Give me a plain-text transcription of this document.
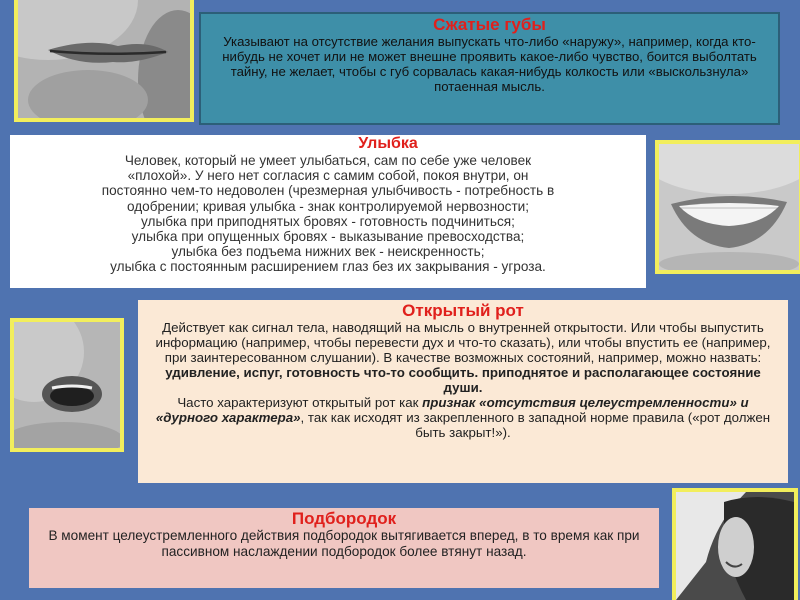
Сжатые губы

Указывают на отсутствие желания выпускать что-либо «наружу», например, когда кто-нибудь не хочет или не может внешне проявить какое-либо чувство, боится выболтать тайну, не желает, чтобы с губ сорвалась какая-нибудь колкость или «выскользнула» потаенная мысль.

Улыбка

Человек, который не умеет улыбаться, сам по себе уже человек

«плохой». У него нет согласия с самим собой, покоя внутри, он

постоянно чем-то недоволен (чрезмерная улыбчивость - потребность в

одобрении; кривая улыбка - знак контролируемой нервозности;

улыбка при приподнятых бровях - готовность подчиниться;

улыбка при опущенных бровях - выказывание превосходства;

улыбка без подъема нижних век - неискренность;

улыбка с постоянным расширением глаз без их закрывания - угроза.

Открытый рот

Действует как сигнал тела, наводящий на мысль о внутренней открытости. Или чтобы выпустить информацию (например, чтобы перевести дух и что-то сказать), или чтобы впустить ее (например, при заинтересованном слушании). В качестве возможных состояний, например, можно назвать:

удивление, испуг, готовность что-то сообщить. приподнятое и располагающее состояние души.

Часто характеризуют открытый рот как признак «отсутствия целеустремленности» и «дурного характера», так как исходят из закрепленного в западной норме правила («рот должен быть закрыт!»).

Подбородок

В момент целеустремленного действия подбородок вытягивается вперед, в то время как при пассивном наслаждении подбородок более втянут назад.
